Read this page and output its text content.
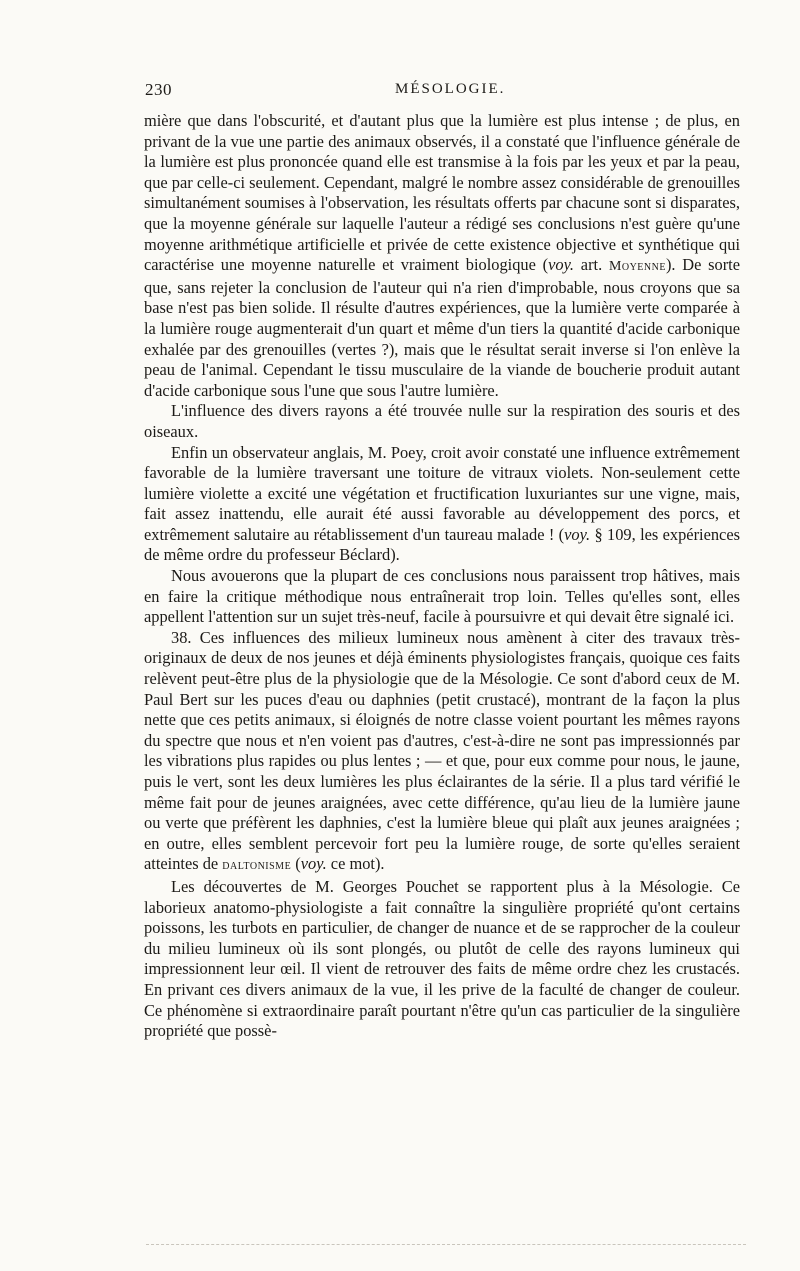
230	MÉSOLOGIE.

mière que dans l'obscurité, et d'autant plus que la lumière est plus intense ; de plus, en privant de la vue une partie des animaux observés, il a constaté que l'influence générale de la lumière est plus prononcée quand elle est transmise à la fois par les yeux et par la peau, que par celle-ci seulement. Cependant, malgré le nombre assez considérable de grenouilles simultanément soumises à l'observation, les résultats offerts par chacune sont si disparates, que la moyenne générale sur laquelle l'auteur a rédigé ses conclusions n'est guère qu'une moyenne arithmétique artificielle et privée de cette existence objective et synthétique qui caractérise une moyenne naturelle et vraiment biologique (voy. art. Moyenne). De sorte que, sans rejeter la conclusion de l'auteur qui n'a rien d'improbable, nous croyons que sa base n'est pas bien solide. Il résulte d'autres expériences, que la lumière verte comparée à la lumière rouge augmenterait d'un quart et même d'un tiers la quantité d'acide carbonique exhalée par des grenouilles (vertes ?), mais que le résultat serait inverse si l'on enlève la peau de l'animal. Cependant le tissu musculaire de la viande de boucherie produit autant d'acide carbonique sous l'une que sous l'autre lumière.

L'influence des divers rayons a été trouvée nulle sur la respiration des souris et des oiseaux.

Enfin un observateur anglais, M. Poey, croit avoir constaté une influence extrêmement favorable de la lumière traversant une toiture de vitraux violets. Non-seulement cette lumière violette a excité une végétation et fructification luxuriantes sur une vigne, mais, fait assez inattendu, elle aurait été aussi favorable au développement des porcs, et extrêmement salutaire au rétablissement d'un taureau malade ! (voy. § 109, les expériences de même ordre du professeur Béclard).

Nous avouerons que la plupart de ces conclusions nous paraissent trop hâtives, mais en faire la critique méthodique nous entraînerait trop loin. Telles qu'elles sont, elles appellent l'attention sur un sujet très-neuf, facile à poursuivre et qui devait être signalé ici.

38. Ces influences des milieux lumineux nous amènent à citer des travaux très-originaux de deux de nos jeunes et déjà éminents physiologistes français, quoique ces faits relèvent peut-être plus de la physiologie que de la Mésologie. Ce sont d'abord ceux de M. Paul Bert sur les puces d'eau ou daphnies (petit crustacé), montrant de la façon la plus nette que ces petits animaux, si éloignés de notre classe voient pourtant les mêmes rayons du spectre que nous et n'en voient pas d'autres, c'est-à-dire ne sont pas impressionnés par les vibrations plus rapides ou plus lentes ; — et que, pour eux comme pour nous, le jaune, puis le vert, sont les deux lumières les plus éclairantes de la série. Il a plus tard vérifié le même fait pour de jeunes araignées, avec cette différence, qu'au lieu de la lumière jaune ou verte que préfèrent les daphnies, c'est la lumière bleue qui plaît aux jeunes araignées ; en outre, elles semblent percevoir fort peu la lumière rouge, de sorte qu'elles seraient atteintes de daltonisme (voy. ce mot).

Les découvertes de M. Georges Pouchet se rapportent plus à la Mésologie. Ce laborieux anatomo-physiologiste a fait connaître la singulière propriété qu'ont certains poissons, les turbots en particulier, de changer de nuance et de se rapprocher de la couleur du milieu lumineux où ils sont plongés, ou plutôt de celle des rayons lumineux qui impressionnent leur œil. Il vient de retrouver des faits de même ordre chez les crustacés. En privant ces divers animaux de la vue, il les prive de la faculté de changer de couleur. Ce phénomène si extraordinaire paraît pourtant n'être qu'un cas particulier de la singulière propriété que possè-
